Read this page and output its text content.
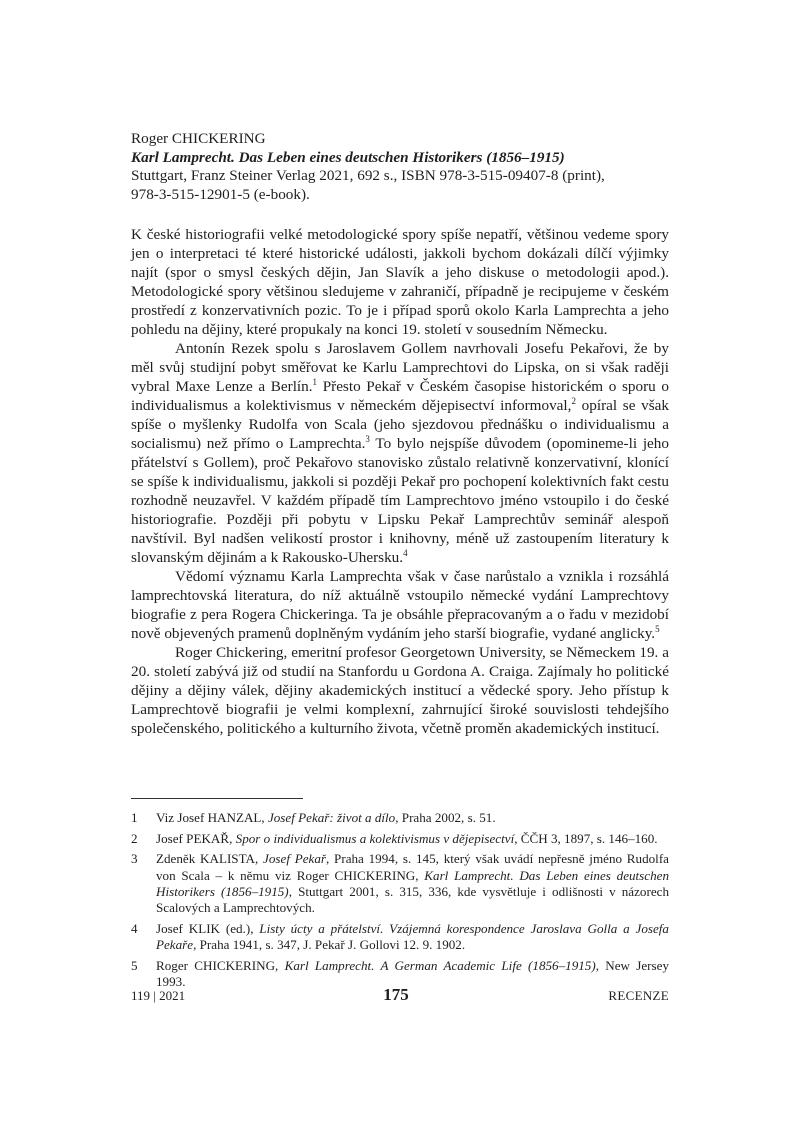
Roger CHICKERING
Karl Lamprecht. Das Leben eines deutschen Historikers (1856–1915)
Stuttgart, Franz Steiner Verlag 2021, 692 s., ISBN 978-3-515-09407-8 (print),
978-3-515-12901-5 (e-book).

K české historiografii velké metodologické spory spíše nepatří, většinou vedeme spory jen o interpretaci té které historické události, jakkoli bychom dokázali dílčí výjimky najít (spor o smysl českých dějin, Jan Slavík a jeho diskuse o metodologii apod.). Metodologické spory většinou sledujeme v zahraničí, případně je recipujeme v českém prostředí z konzervativních pozic. To je i případ sporů okolo Karla Lamprechta a jeho pohledu na dějiny, které propukaly na konci 19. století v sousedním Německu.

Antonín Rezek spolu s Jaroslavem Gollem navrhovali Josefu Pekařovi, že by měl svůj studijní pobyt směřovat ke Karlu Lamprechtovi do Lipska, on si však raději vybral Maxe Lenze a Berlín.$^1$ Přesto Pekař v Českém časopise historickém o sporu o individualismus a kolektivismus v německém dějepisectví informoval,$^2$ opíral se však spíše o myšlenky Rudolfa von Scala (jeho sjezdovou přednášku o individualismu a socialismu) než přímo o Lamprechta.$^3$ To bylo nejspíše důvodem (opomineme-li jeho přátelství s Gollem), proč Pekařovo stanovisko zůstalo relativně konzervativní, klonící se spíše k individualismu, jakkoli si později Pekař pro pochopení kolektivních fakt cestu rozhodně neuzavřel. V každém případě tím Lamprechtovo jméno vstoupilo i do české historiografie. Později při pobytu v Lipsku Pekař Lamprechtův seminář alespoň navštívil. Byl nadšen velikostí prostor i knihovny, méně už zastoupením literatury k slovanským dějinám a k Rakousko-Uhersku.$^4$

Vědomí významu Karla Lamprechta však v čase narůstalo a vznikla i rozsáhlá lamprechtovská literatura, do níž aktuálně vstoupilo německé vydání Lamprechtovy biografie z pera Rogera Chickeringa. Ta je obsáhle přepracovaným a o řadu v mezidobí nově objevených pramenů doplněným vydáním jeho starší biografie, vydané anglicky.$^5$

Roger Chickering, emeritní profesor Georgetown University, se Německem 19. a 20. století zabývá již od studií na Stanfordu u Gordona A. Craiga. Zajímaly ho politické dějiny a dějiny válek, dějiny akademických institucí a vědecké spory. Jeho přístup k Lamprechtově biografii je velmi komplexní, zahrnující široké souvislosti tehdejšího společenského, politického a kulturního života, včetně proměn akademických institucí.

1	Viz Josef HANZAL, Josef Pekař: život a dílo, Praha 2002, s. 51.
2	Josef PEKAŘ, Spor o individualismus a kolektivismus v dějepisectví, ČČH 3, 1897, s. 146–160.
3	Zdeněk KALISTA, Josef Pekař, Praha 1994, s. 145, který však uvádí nepřesně jméno Rudolfa von Scala – k němu viz Roger CHICKERING, Karl Lamprecht. Das Leben eines deutschen Historikers (1856–1915), Stuttgart 2001, s. 315, 336, kde vysvětluje i odlišnosti v názorech Scalových a Lamprechtových.
4	Josef KLIK (ed.), Listy úcty a přátelství. Vzájemná korespondence Jaroslava Golla a Josefa Pekaře, Praha 1941, s. 347, J. Pekař J. Gollovi 12. 9. 1902.
5	Roger CHICKERING, Karl Lamprecht. A German Academic Life (1856–1915), New Jersey 1993.
119 | 2021	175	RECENZE
